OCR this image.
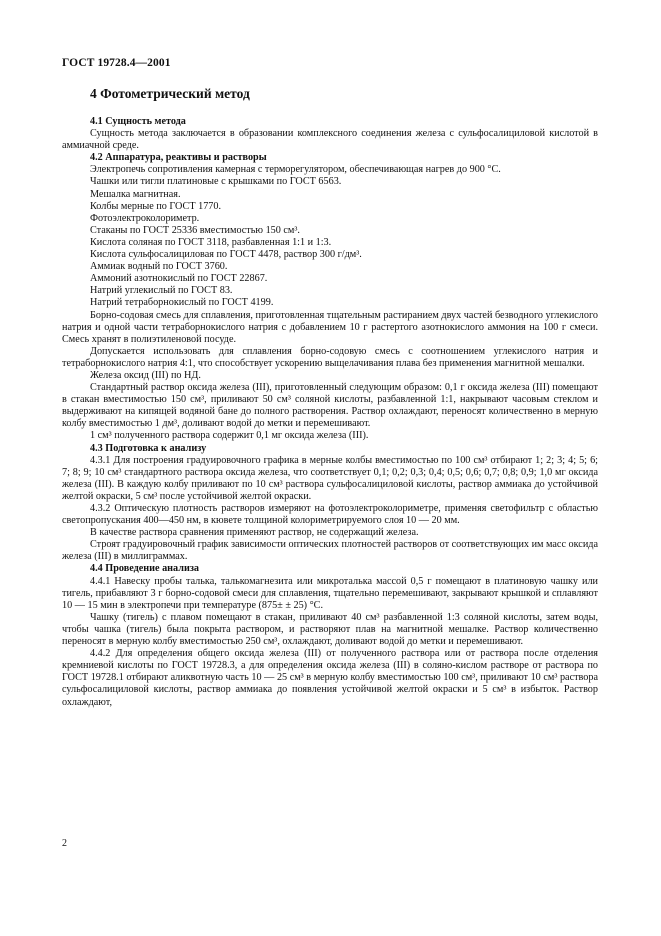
ГОСТ 19728.4—2001
4 Фотометрический метод

4.1 Сущность метода

Сущность метода заключается в образовании комплексного соединения железа с сульфосалициловой кислотой в аммиачной среде.

4.2 Аппаратура, реактивы и растворы

Электропечь сопротивления камерная с терморегулятором, обеспечивающая нагрев до 900 °С.

Чашки или тигли платиновые с крышками по ГОСТ 6563.

Мешалка магнитная.

Колбы мерные по ГОСТ 1770.

Фотоэлектроколориметр.

Стаканы по ГОСТ 25336 вместимостью 150 см³.

Кислота соляная по ГОСТ 3118, разбавленная 1:1 и 1:3.

Кислота сульфосалициловая по ГОСТ 4478, раствор 300 г/дм³.

Аммиак водный по ГОСТ 3760.

Аммоний азотнокислый по ГОСТ 22867.

Натрий углекислый по ГОСТ 83.

Натрий тетраборнокислый по ГОСТ 4199.

Борно-содовая смесь для сплавления, приготовленная тщательным растиранием двух частей безводного углекислого натрия и одной части тетраборнокислого натрия с добавлением 10 г растертого азотнокислого аммония на 100 г смеси. Смесь хранят в полиэтиленовой посуде.

Допускается использовать для сплавления борно-содовую смесь с соотношением углекислого натрия и тетраборнокислого натрия 4:1, что способствует ускорению выщелачивания плава без применения магнитной мешалки.

Железа оксид (III) по НД.

Стандартный раствор оксида железа (III), приготовленный следующим образом: 0,1 г оксида железа (III) помещают в стакан вместимостью 150 см³, приливают 50 см³ соляной кислоты, разбавленной 1:1, накрывают часовым стеклом и выдерживают на кипящей водяной бане до полного растворения. Раствор охлаждают, переносят количественно в мерную колбу вместимостью 1 дм³, доливают водой до метки и перемешивают.

1 см³ полученного раствора содержит 0,1 мг оксида железа (III).

4.3 Подготовка к анализу

4.3.1 Для построения градуировочного графика в мерные колбы вместимостью по 100 см³ отбирают 1; 2; 3; 4; 5; 6; 7; 8; 9; 10 см³ стандартного раствора оксида железа, что соответствует 0,1; 0,2; 0,3; 0,4; 0,5; 0,6; 0,7; 0,8; 0,9; 1,0 мг оксида железа (III). В каждую колбу приливают по 10 см³ раствора сульфосалициловой кислоты, раствор аммиака до устойчивой желтой окраски, 5 см³ после устойчивой желтой окраски.

4.3.2 Оптическую плотность растворов измеряют на фотоэлектроколориметре, применяя светофильтр с областью светопропускания 400—450 нм, в кювете толщиной колориметрируемого слоя 10 — 20 мм.

В качестве раствора сравнения применяют раствор, не содержащий железа.

Строят градуировочный график зависимости оптических плотностей растворов от соответствующих им масс оксида железа (III) в миллиграммах.

4.4 Проведение анализа

4.4.1 Навеску пробы талька, талькомагнезита или микроталька массой 0,5 г помещают в платиновую чашку или тигель, прибавляют 3 г борно-содовой смеси для сплавления, тщательно перемешивают, закрывают крышкой и сплавляют 10 — 15 мин в электропечи при температуре (875± ± 25) °С.

Чашку (тигель) с плавом помещают в стакан, приливают 40 см³ разбавленной 1:3 соляной кислоты, затем воды, чтобы чашка (тигель) была покрыта раствором, и растворяют плав на магнитной мешалке. Раствор количественно переносят в мерную колбу вместимостью 250 см³, охлаждают, доливают водой до метки и перемешивают.

4.4.2 Для определения общего оксида железа (III) от полученного раствора или от раствора после отделения кремниевой кислоты по ГОСТ 19728.3, а для определения оксида железа (III) в соляно-кислом растворе от раствора по ГОСТ 19728.1 отбирают аликвотную часть 10 — 25 см³ в мерную колбу вместимостью 100 см³, приливают 10 см³ раствора сульфосалициловой кислоты, раствор аммиака до появления устойчивой желтой окраски и 5 см³ в избыток. Раствор охлаждают,

2
